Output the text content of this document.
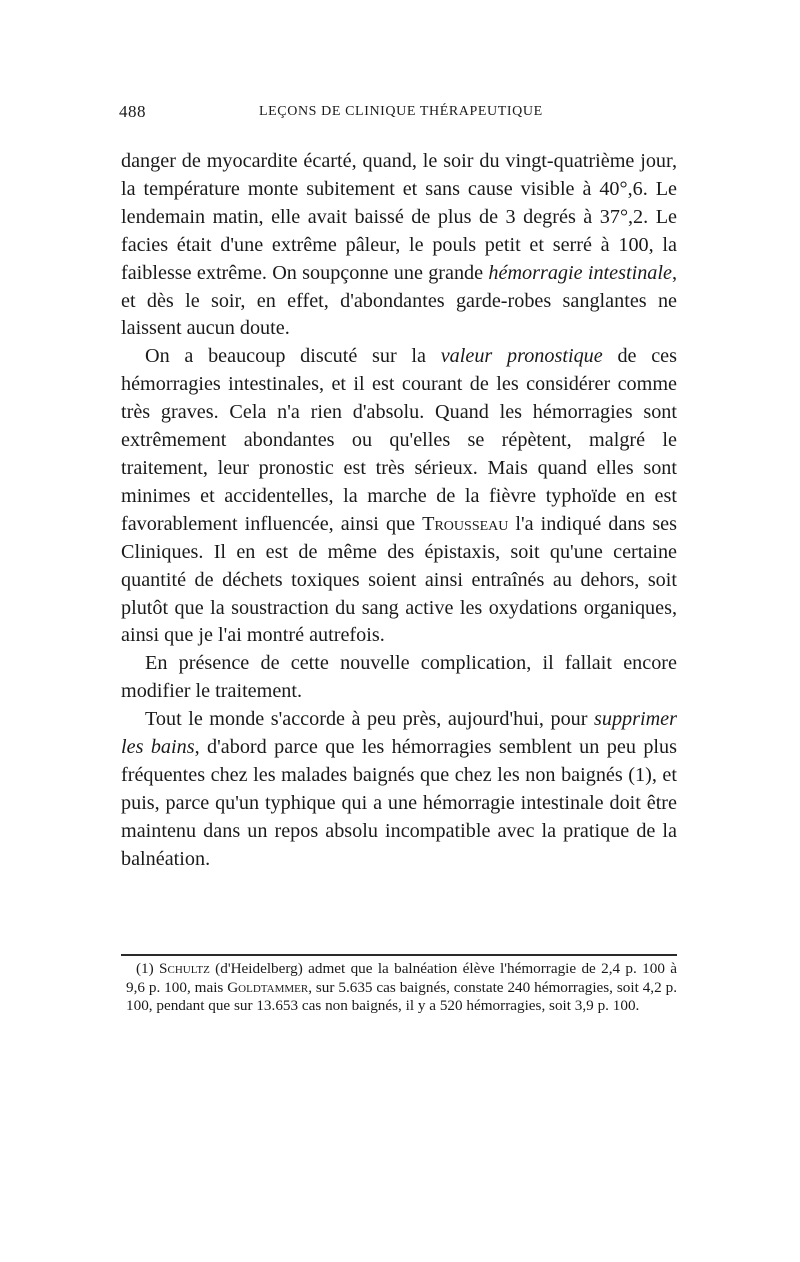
488	LEÇONS DE CLINIQUE THÉRAPEUTIQUE

danger de myocardite écarté, quand, le soir du vingt-quatrième jour, la température monte subitement et sans cause visible à 40°,6. Le lendemain matin, elle avait baissé de plus de 3 degrés à 37°,2. Le facies était d'une extrême pâleur, le pouls petit et serré à 100, la faiblesse extrême. On soupçonne une grande hémorragie intestinale, et dès le soir, en effet, d'abondantes garde-robes sanglantes ne laissent aucun doute.

On a beaucoup discuté sur la valeur pronostique de ces hémorragies intestinales, et il est courant de les considérer comme très graves. Cela n'a rien d'absolu. Quand les hémorragies sont extrêmement abondantes ou qu'elles se répètent, malgré le traitement, leur pronostic est très sérieux. Mais quand elles sont minimes et accidentelles, la marche de la fièvre typhoïde en est favorablement influencée, ainsi que Trousseau l'a indiqué dans ses Cliniques. Il en est de même des épistaxis, soit qu'une certaine quantité de déchets toxiques soient ainsi entraînés au dehors, soit plutôt que la soustraction du sang active les oxydations organiques, ainsi que je l'ai montré autrefois.

En présence de cette nouvelle complication, il fallait encore modifier le traitement.

Tout le monde s'accorde à peu près, aujourd'hui, pour supprimer les bains, d'abord parce que les hémorragies semblent un peu plus fréquentes chez les malades baignés que chez les non baignés (1), et puis, parce qu'un typhique qui a une hémorragie intestinale doit être maintenu dans un repos absolu incompatible avec la pratique de la balnéation.

(1) Schultz (d'Heidelberg) admet que la balnéation élève l'hémorragie de 2,4 p. 100 à 9,6 p. 100, mais Goldtammer, sur 5.635 cas baignés, constate 240 hémorragies, soit 4,2 p. 100, pendant que sur 13.653 cas non baignés, il y a 520 hémorragies, soit 3,9 p. 100.
